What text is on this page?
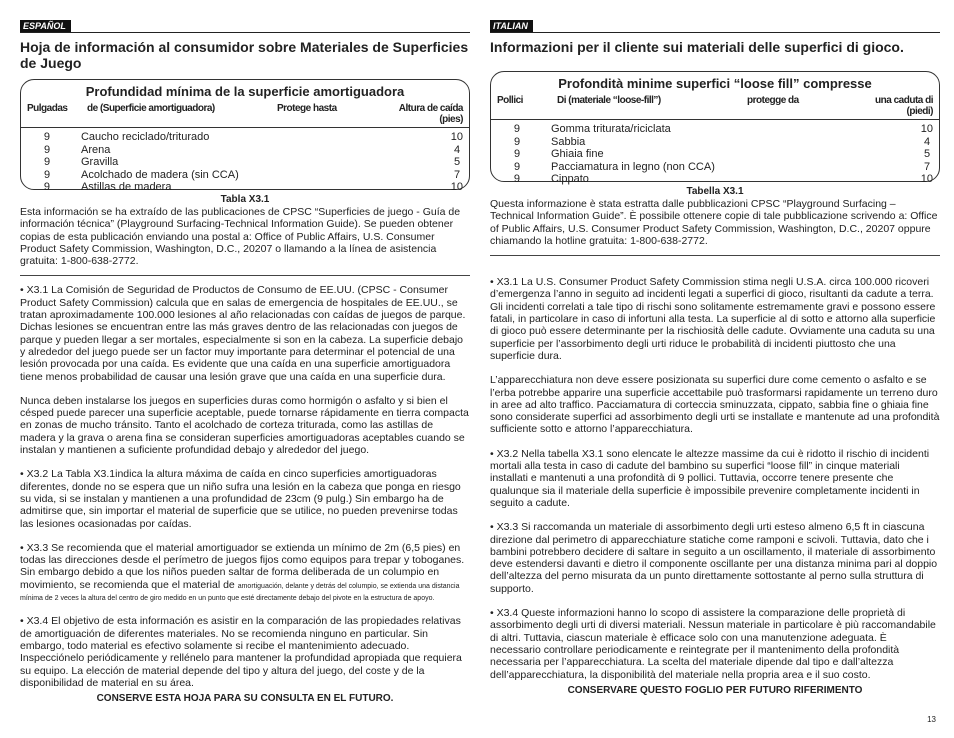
ESPAÑOL
Hoja de información al consumidor sobre Materiales de Superficies de Juego
Profundidad mínima de la superficie amortiguadora
Pulgadas	de (Superficie amortiguadora)	Protege hasta	Altura de caída (pies)
9	Caucho reciclado/triturado	10
9	Arena	4
9	Gravilla	5
9	Acolchado de madera (sin CCA)	7
9	Astillas de madera	10
Tabla X3.1

Esta información se ha extraído de las publicaciones de CPSC “Superficies de juego - Guía de información técnica” (Playground Surfacing-Technical Information Guide). Se pueden obtener copias de esta publicación enviando una postal a: Office of Public Affairs, U.S. Consumer Product Safety Commission, Washington, D.C., 20207 o llamando a la línea de asistencia gratuita: 1-800-638-2772.

• X3.1 La Comisión de Seguridad de Productos de Consumo de EE.UU. (CPSC - Consumer Product Safety Commission) calcula que en salas de emergencia de hospitales de EE.UU., se tratan aproximadamente 100.000 lesiones al año relacionadas con caídas de juegos de parque. Dichas lesiones se encuentran entre las más graves dentro de las relacionadas con juegos de parque y pueden llegar a ser mortales, especialmente si son en la cabeza. La superficie debajo y alrededor del juego puede ser un factor muy importante para determinar el potencial de una lesión provocada por una caída. Es evidente que una caída en una superficie amortiguadora tiene menos probabilidad de causar una lesión grave que una caída en una superficie dura.

Nunca deben instalarse los juegos en superficies duras como hormigón o asfalto y si bien el césped puede parecer una superficie aceptable, puede tornarse rápidamente en tierra compacta en zonas de mucho tránsito. Tanto el acolchado de corteza triturada, como las astillas de madera y la grava o arena fina se consideran superficies amortiguadoras aceptables cuando se instalan y mantienen a suficiente profundidad debajo y alrededor del juego.

• X3.2 La Tabla X3.1indica la altura máxima de caída en cinco superficies amortiguadoras diferentes, donde no se espera que un niño sufra una lesión en la cabeza que ponga en riesgo su vida, si se instalan y mantienen a una profundidad de 23cm (9 pulg.) Sin embargo ha de admitirse que, sin importar el material de superficie que se utilice, no pueden prevenirse todas las lesiones ocasionadas por caídas.

• X3.3 Se recomienda que el material amortiguador se extienda un mínimo de 2m (6,5 pies) en todas las direcciones desde el perímetro de juegos fijos como equipos para trepar y toboganes. Sin embargo debido a que los niños pueden saltar de forma deliberada de un columpio en movimiento, se recomienda que el material de amortiguación, delante y detrás del columpio, se extienda una distancia mínima de 2 veces la altura del centro de giro medido en un punto que esté directamente debajo del pivote en la estructura de apoyo.

• X3.4 El objetivo de esta información es asistir en la comparación de las propiedades relativas de amortiguación de diferentes materiales. No se recomienda ninguno en particular. Sin embargo, todo material es efectivo solamente si recibe el mantenimiento adecuado. Inspecciónelo periódicamente y rellénelo para mantener la profundidad apropiada que requiera su equipo. La elección de material depende del tipo y altura del juego, del coste y de la disponibilidad de material en su área.

CONSERVE ESTA HOJA PARA SU CONSULTA EN EL FUTURO.
ITALIAN
Informazioni per il cliente sui materiali delle superfici di gioco.
Profondità minime superfici “loose fill” compresse
Pollici	Di (materiale “loose-fill”)	protegge da	una caduta di (piedi)
9	Gomma triturata/riciclata	10
9	Sabbia	4
9	Ghiaia fine	5
9	Pacciamatura in legno (non CCA)	7
9	Cippato	10
Tabella X3.1

Questa informazione è stata estratta dalle pubblicazioni CPSC “Playground Surfacing – Technical Information Guide”. È possibile ottenere copie di tale pubblicazione scrivendo a: Office of Public Affairs, U.S. Consumer Product Safety Commission, Washington, D.C., 20207 oppure chiamando la hotline gratuita: 1-800-638-2772.

• X3.1 La U.S. Consumer Product Safety Commission stima negli U.S.A. circa 100.000 ricoveri d’emergenza l’anno in seguito ad incidenti legati a superfici di gioco, risultanti da cadute a terra. Gli incidenti correlati a tale tipo di rischi sono solitamente estremamente gravi e possono essere fatali, in particolare in caso di infortuni alla testa. La superficie al di sotto e attorno alla superficie di gioco può essere determinante per la rischiosità delle cadute. Ovviamente una caduta su una superficie per l’assorbimento degli urti riduce le probabilità di incidenti piuttosto che una superficie dura.

L’apparecchiatura non deve essere posizionata su superfici dure come cemento o asfalto e se l’erba potrebbe apparire una superficie accettabile può trasformarsi rapidamente un terreno duro in aree ad alto traffico. Pacciamatura di corteccia sminuzzata, cippato, sabbia fine o ghiaia fine sono considerate superfici ad assorbimento degli urti se installate e mantenute ad una profondità sufficiente sotto e attorno l’apparecchiatura.

• X3.2 Nella tabella X3.1 sono elencate le altezze massime da cui è ridotto il rischio di incidenti mortali alla testa in caso di cadute del bambino su superfici “loose fill” in cinque materiali installati e mantenuti a una profondità di 9 pollici. Tuttavia, occorre tenere presente che qualunque sia il materiale della superficie è impossibile prevenire completamente incidenti in seguito a cadute.

• X3.3 Si raccomanda un materiale di assorbimento degli urti esteso almeno 6,5 ft in ciascuna direzione dal perimetro di apparecchiature statiche come ramponi e scivoli. Tuttavia, dato che i bambini potrebbero decidere di saltare in seguito a un oscillamento, il materiale di assorbimento deve estendersi davanti e dietro il componente oscillante per una distanza minima pari al doppio dell’altezza del perno misurata da un punto direttamente sottostante al perno sulla struttura di supporto.

• X3.4 Queste informazioni hanno lo scopo di assistere la comparazione delle proprietà di assorbimento degli urti di diversi materiali. Nessun materiale in particolare è più raccomandabile di altri. Tuttavia, ciascun materiale è efficace solo con una manutenzione adeguata. È necessario controllare periodicamente e reintegrate per il mantenimento della profondità necessaria per l’apparecchiatura. La scelta del materiale dipende dal tipo e dall’altezza dell’apparecchiatura, la disponibilità del materiale nella propria area e il suo costo.

CONSERVARE QUESTO FOGLIO PER FUTURO RIFERIMENTO
13
